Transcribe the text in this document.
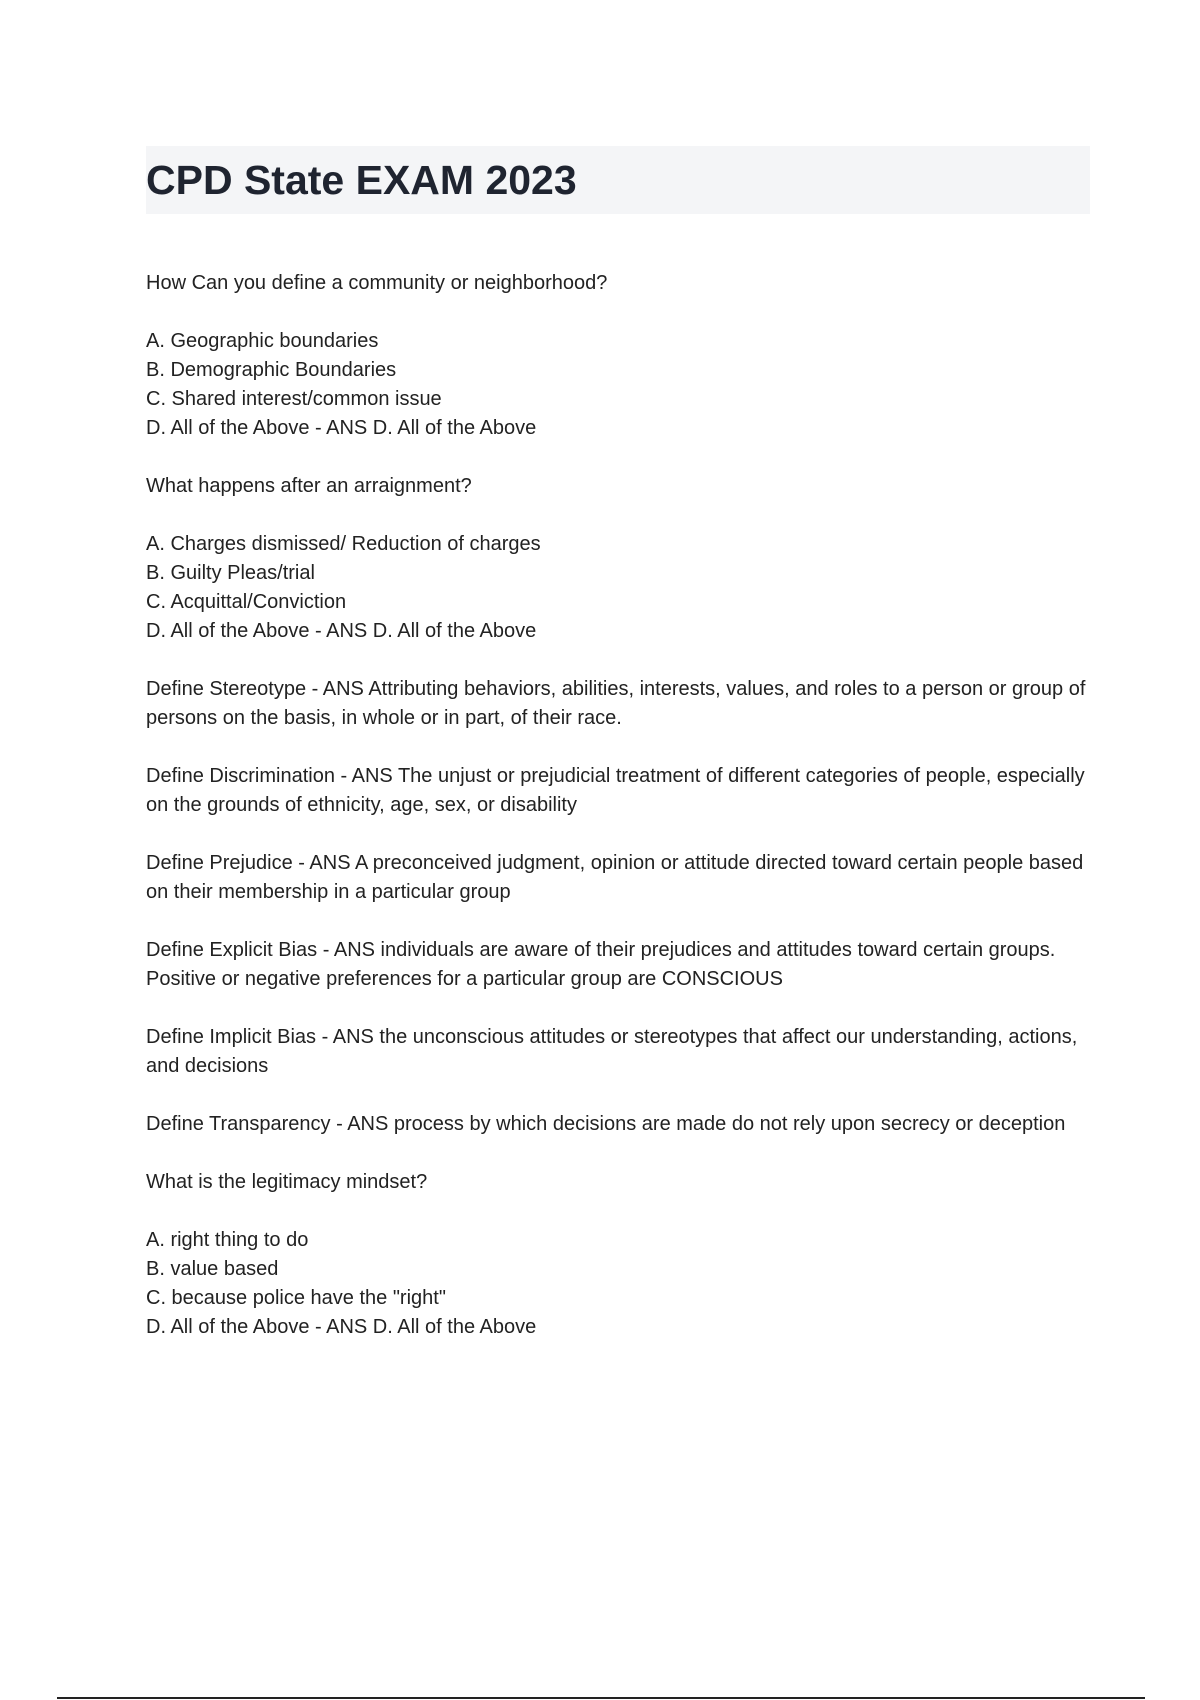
CPD State EXAM 2023

How Can you define a community or neighborhood?

A. Geographic boundaries
B. Demographic Boundaries
C. Shared interest/common issue
D. All of the Above - ANS D. All of the Above

What happens after an arraignment?

A. Charges dismissed/ Reduction of charges
B. Guilty Pleas/trial
C. Acquittal/Conviction
D. All of the Above - ANS D. All of the Above

Define Stereotype - ANS Attributing behaviors, abilities, interests, values, and roles to a person or group of persons on the basis, in whole or in part, of their race.

Define Discrimination - ANS The unjust or prejudicial treatment of different categories of people, especially on the grounds of ethnicity, age, sex, or disability

Define Prejudice - ANS A preconceived judgment, opinion or attitude directed toward certain people based on their membership in a particular group

Define Explicit Bias - ANS individuals are aware of their prejudices and attitudes toward certain groups. Positive or negative preferences for a particular group are CONSCIOUS

Define Implicit Bias - ANS the unconscious attitudes or stereotypes that affect our understanding, actions, and decisions

Define Transparency - ANS process by which decisions are made do not rely upon secrecy or deception

What is the legitimacy mindset?

A. right thing to do
B. value based
C. because police have the "right"
D. All of the Above - ANS D. All of the Above
